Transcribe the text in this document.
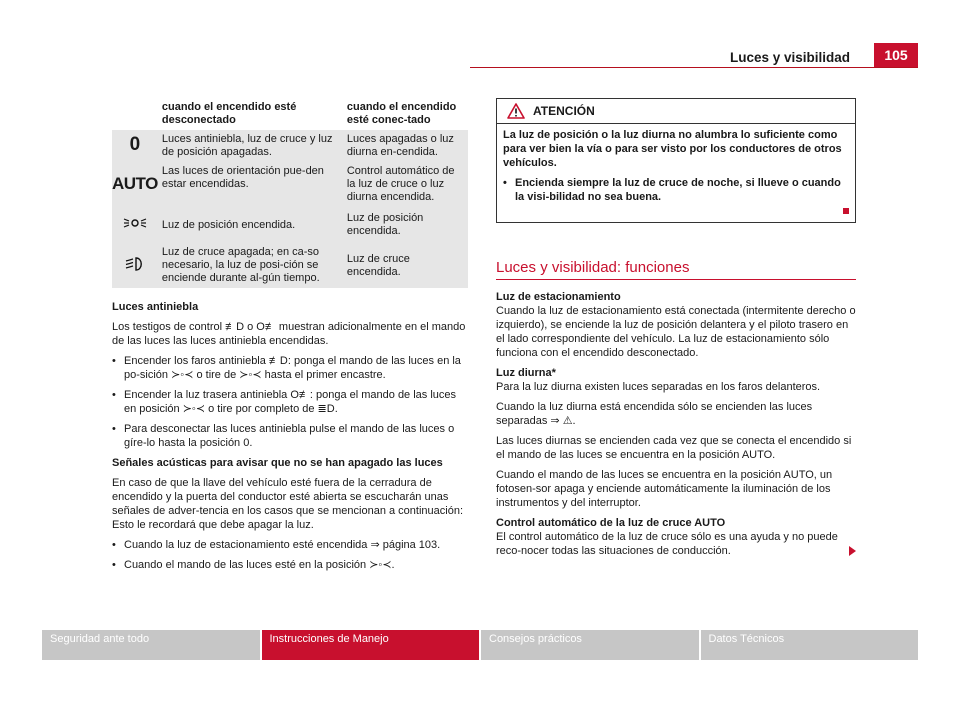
Luces y visibilidad	105
	cuando el encendido esté desconectado	cuando el encendido esté conec-tado
0	Luces antiniebla, luz de cruce y luz de posición apagadas.	Luces apagadas o luz diurna en-cendida.
AUTO	Las luces de orientación pue-den estar encendidas.	Control automático de la luz de cruce o luz diurna encendida.
	Luz de posición encendida.	Luz de posición encendida.
	Luz de cruce apagada; en ca-so necesario, la luz de posi-ción se enciende durante al-gún tiempo.	Luz de cruce encendida.

Luces antiniebla

Los testigos de control ≢D o O≢ muestran adicionalmente en el mando de las luces las luces antiniebla encendidas.

• Encender los faros antiniebla ≢D: ponga el mando de las luces en la po-sición ≻◦≺ o tire de ≻◦≺ hasta el primer encastre.

• Encender la luz trasera antiniebla O≢: ponga el mando de las luces en posición ≻◦≺ o tire por completo de ≣D.

• Para desconectar las luces antiniebla pulse el mando de las luces o gíre-lo hasta la posición 0.

Señales acústicas para avisar que no se han apagado las luces

En caso de que la llave del vehículo esté fuera de la cerradura de encendido y la puerta del conductor esté abierta se escucharán unas señales de adver-tencia en los casos que se mencionan a continuación: Esto le recordará que debe apagar la luz.

• Cuando la luz de estacionamiento esté encendida ⇒ página 103.

• Cuando el mando de las luces esté en la posición ≻◦≺.

ATENCIÓN

La luz de posición o la luz diurna no alumbra lo suficiente como para ver bien la vía o para ser visto por los conductores de otros vehículos.

• Encienda siempre la luz de cruce de noche, si llueve o cuando la visi-bilidad no sea buena.

Luces y visibilidad: funciones

Luz de estacionamiento

Cuando la luz de estacionamiento está conectada (intermitente derecho o izquierdo), se enciende la luz de posición delantera y el piloto trasero en el lado correspondiente del vehículo. La luz de estacionamiento sólo funciona con el encendido desconectado.

Luz diurna*

Para la luz diurna existen luces separadas en los faros delanteros.

Cuando la luz diurna está encendida sólo se encienden las luces separadas ⇒ ⚠.

Las luces diurnas se encienden cada vez que se conecta el encendido si el mando de las luces se encuentra en la posición AUTO.

Cuando el mando de las luces se encuentra en la posición AUTO, un fotosen-sor apaga y enciende automáticamente la iluminación de los instrumentos y del interruptor.

Control automático de la luz de cruce AUTO

El control automático de la luz de cruce sólo es una ayuda y no puede reco-nocer todas las situaciones de conducción.

Seguridad ante todo	Instrucciones de Manejo	Consejos prácticos	Datos Técnicos
